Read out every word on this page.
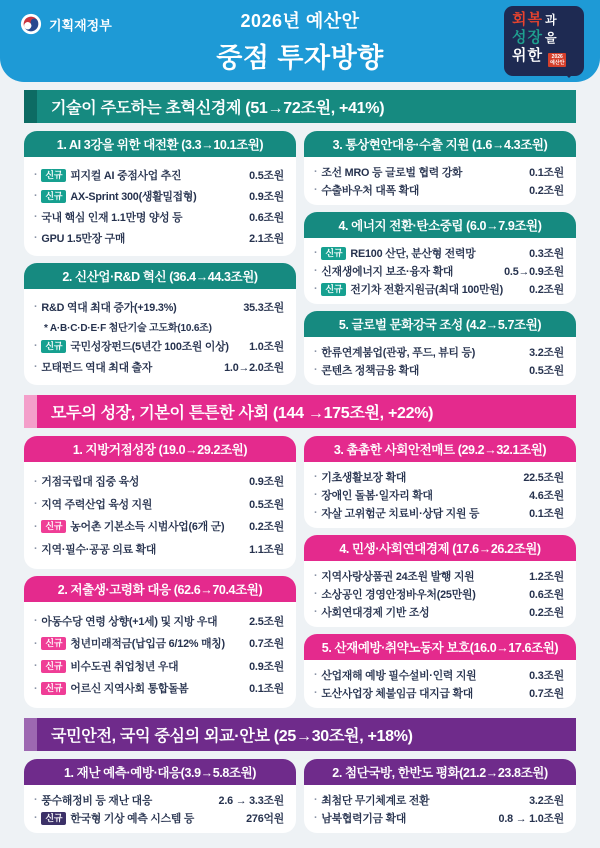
기획재정부	2026년 예산안
중점 투자방향
회복 과
성장 을
위한 2026
예산안
기술이 주도하는 초혁신경제 (51→72조원, +41%)
1. AI 3강을 위한 대전환 (3.3→10.1조원)
· 신규 피지컬 AI 중점사업 추진	0.5조원
· 신규 AX-Sprint 300(생활밀접형)	0.9조원
· 국내 핵심 인재 1.1만명 양성 등	0.6조원
· GPU 1.5만장 구매	2.1조원
2. 신산업·R&D 혁신 (36.4→44.3조원)
· R&D 역대 최대 증가(+19.3%)	35.3조원
* A·B·C·D·E·F 첨단기술 고도화(10.6조)
· 신규 국민성장펀드(5년간 100조원 이상)	1.0조원
· 모태펀드 역대 최대 출자	1.0→2.0조원
3. 통상현안대응·수출 지원 (1.6→4.3조원)
· 조선 MRO 등 글로벌 협력 강화	0.1조원
· 수출바우처 대폭 확대	0.2조원
4. 에너지 전환·탄소중립 (6.0→7.9조원)
· 신규 RE100 산단, 분산형 전력망	0.3조원
· 신재생에너지 보조·융자 확대	0.5→0.9조원
· 신규 전기차 전환지원금(최대 100만원)	0.2조원
5. 글로벌 문화강국 조성 (4.2→5.7조원)
· 한류연계붐업(관광, 푸드, 뷰티 등)	3.2조원
· 콘텐츠 정책금융 확대	0.5조원
모두의 성장, 기본이 튼튼한 사회 (144 →175조원, +22%)
1. 지방거점성장 (19.0→29.2조원)
· 거점국립대 집중 육성	0.9조원
· 지역 주력산업 육성 지원	0.5조원
· 신규 농어촌 기본소득 시범사업(6개 군)	0.2조원
· 지역·필수·공공 의료 확대	1.1조원
2. 저출생·고령화 대응 (62.6→70.4조원)
· 아동수당 연령 상향(+1세) 및 지방 우대	2.5조원
· 신규 청년미래적금(납입금 6/12% 매칭)	0.7조원
· 신규 비수도권 취업청년 우대	0.9조원
· 신규 어르신 지역사회 통합돌봄	0.1조원
3. 촘촘한 사회안전매트 (29.2→32.1조원)
· 기초생활보장 확대	22.5조원
· 장애인 돌봄·일자리 확대	4.6조원
· 자살 고위험군 치료비·상담 지원 등	0.1조원
4. 민생·사회연대경제 (17.6→26.2조원)
· 지역사랑상품권 24조원 발행 지원	1.2조원
· 소상공인 경영안정바우처(25만원)	0.6조원
· 사회연대경제 기반 조성	0.2조원
5. 산재예방·취약노동자 보호(16.0→17.6조원)
· 산업재해 예방 필수설비·인력 지원	0.3조원
· 도산사업장 체불임금 대지급 확대	0.7조원
국민안전, 국익 중심의 외교·안보 (25→30조원, +18%)
1. 재난 예측·예방·대응(3.9→5.8조원)
· 풍수해정비 등 재난 대응	2.6 → 3.3조원
· 신규 한국형 기상 예측 시스템 등	276억원
2. 첨단국방, 한반도 평화(21.2→23.8조원)
· 최첨단 무기체계로 전환	3.2조원
· 남북협력기금 확대	0.8 → 1.0조원
